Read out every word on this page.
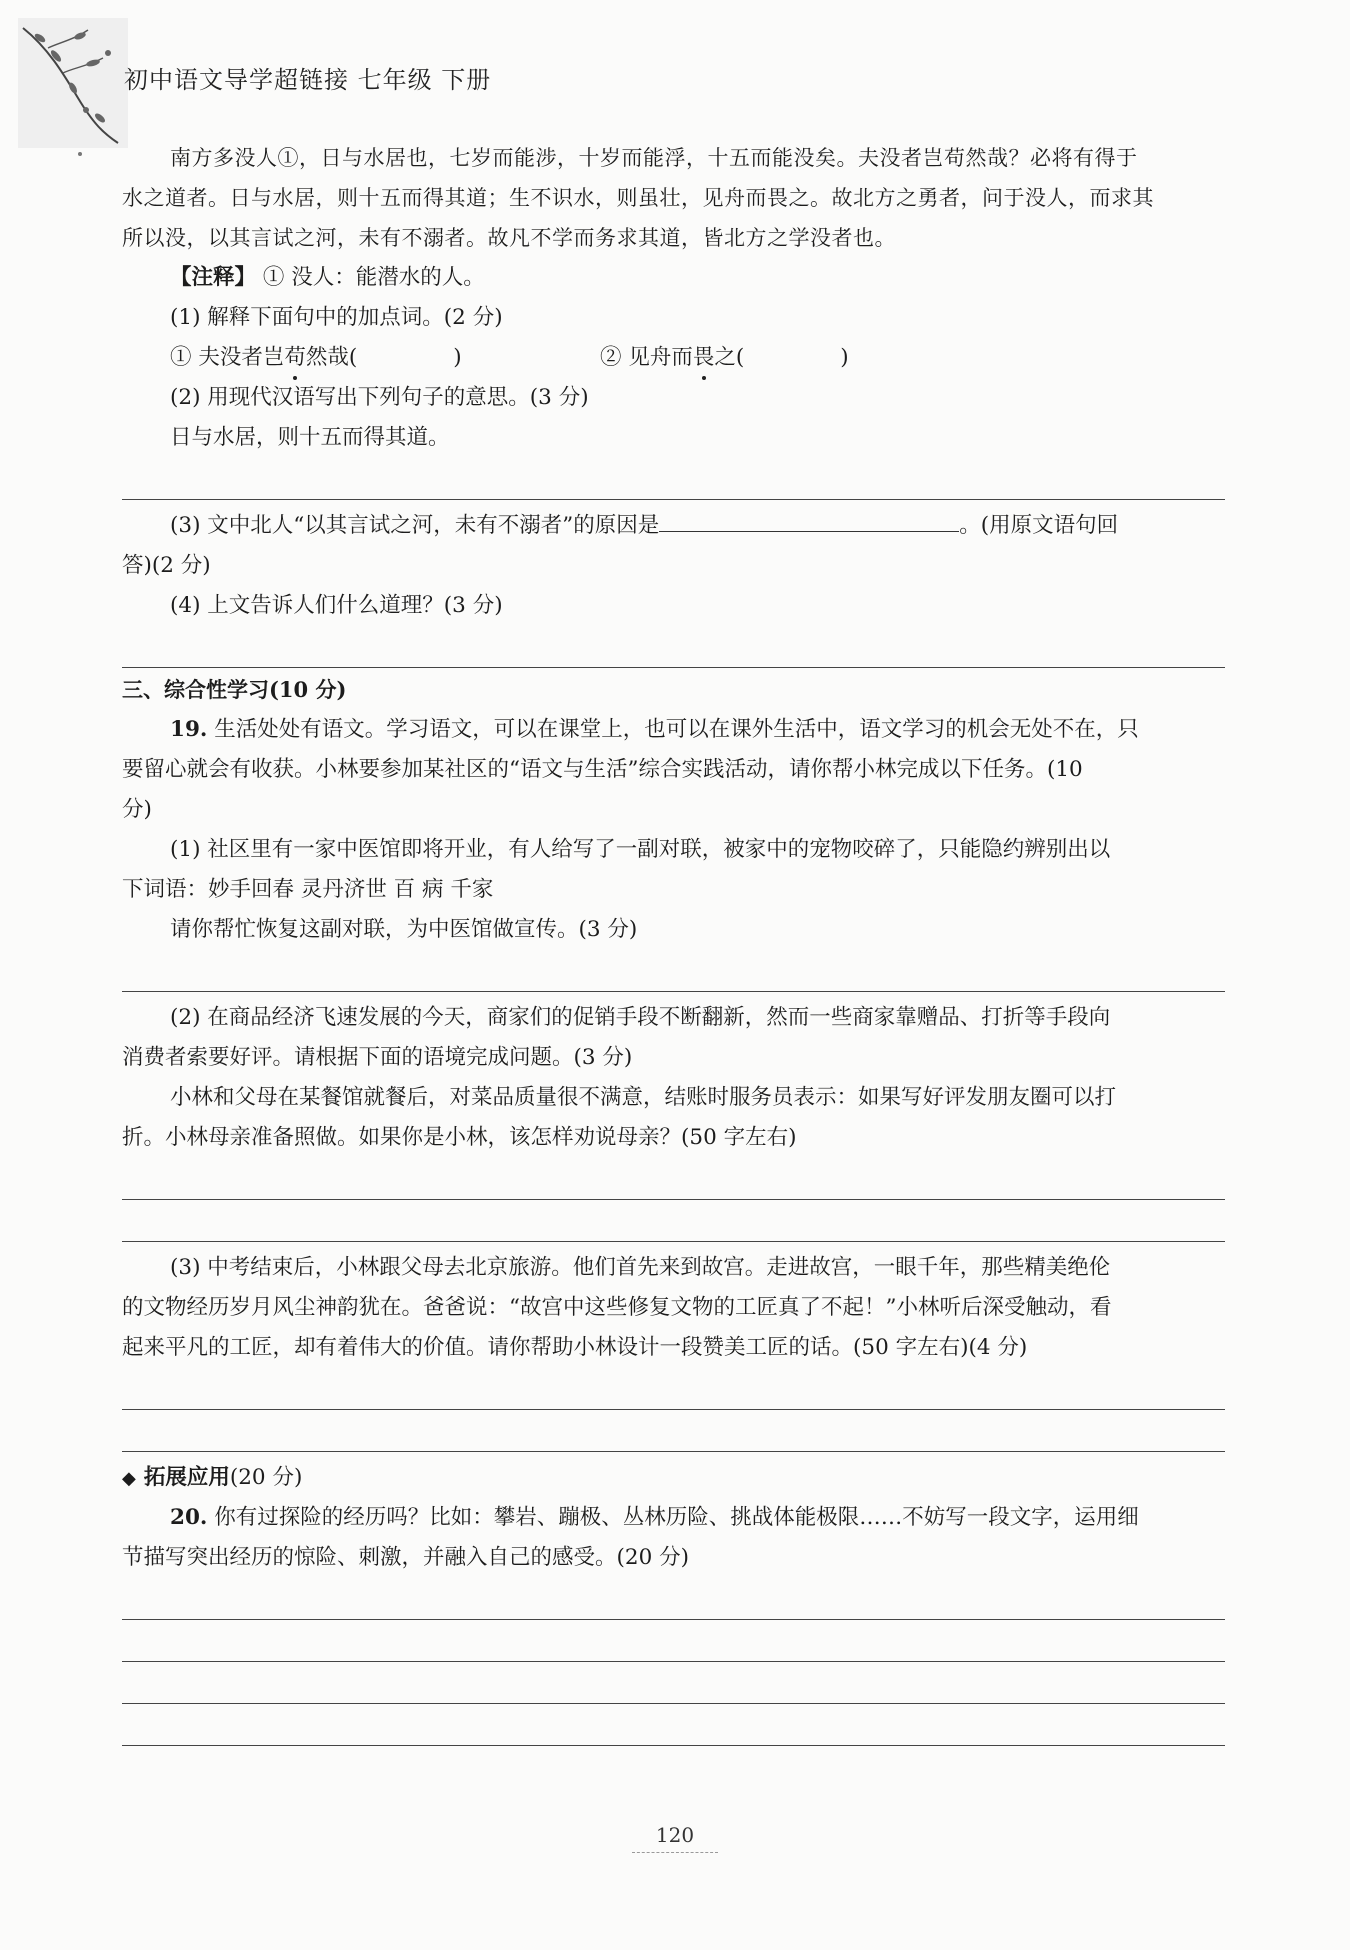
初中语文导学超链接 七年级 下册
南方多没人①，日与水居也，七岁而能涉，十岁而能浮，十五而能没矣。夫没者岂苟然哉？必将有得于
水之道者。日与水居，则十五而得其道；生不识水，则虽壮，见舟而畏之。故北方之勇者，问于没人，而求其
所以没，以其言试之河，未有不溺者。故凡不学而务求其道，皆北方之学没者也。
【注释】 ① 没人：能潜水的人。
(1) 解释下面句中的加点词。(2 分)
① 夫没者岂苟然哉(	)	② 见舟而畏之(	)
(2) 用现代汉语写出下列句子的意思。(3 分)
日与水居，则十五而得其道。
(3) 文中北人“以其言试之河，未有不溺者”的原因是	。(用原文语句回
答)(2 分)
(4) 上文告诉人们什么道理？(3 分)
三、综合性学习(10 分)
19. 生活处处有语文。学习语文，可以在课堂上，也可以在课外生活中，语文学习的机会无处不在，只
要留心就会有收获。小林要参加某社区的“语文与生活”综合实践活动，请你帮小林完成以下任务。(10
分)
(1) 社区里有一家中医馆即将开业，有人给写了一副对联，被家中的宠物咬碎了，只能隐约辨别出以
下词语：妙手回春 灵丹济世 百 病 千家
请你帮忙恢复这副对联，为中医馆做宣传。(3 分)
(2) 在商品经济飞速发展的今天，商家们的促销手段不断翻新，然而一些商家靠赠品、打折等手段向
消费者索要好评。请根据下面的语境完成问题。(3 分)
小林和父母在某餐馆就餐后，对菜品质量很不满意，结账时服务员表示：如果写好评发朋友圈可以打
折。小林母亲准备照做。如果你是小林，该怎样劝说母亲？(50 字左右)
(3) 中考结束后，小林跟父母去北京旅游。他们首先来到故宫。走进故宫，一眼千年，那些精美绝伦
的文物经历岁月风尘神韵犹在。爸爸说：“故宫中这些修复文物的工匠真了不起！”小林听后深受触动，看
起来平凡的工匠，却有着伟大的价值。请你帮助小林设计一段赞美工匠的话。(50 字左右)(4 分)
◆ 拓展应用(20 分)
20. 你有过探险的经历吗？比如：攀岩、蹦极、丛林历险、挑战体能极限……不妨写一段文字，运用细
节描写突出经历的惊险、刺激，并融入自己的感受。(20 分)
120
